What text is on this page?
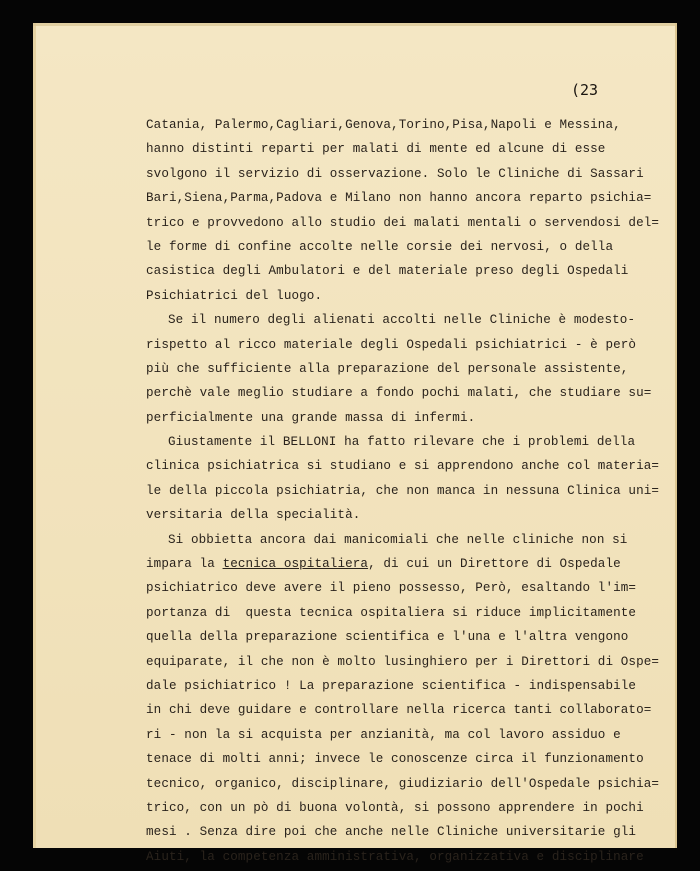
(23
Catania, Palermo,Cagliari,Genova,Torino,Pisa,Napoli e Messina,
hanno distinti reparti per malati di mente ed alcune di esse
svolgono il servizio di osservazione. Solo le Cliniche di Sassari
Bari,Siena,Parma,Padova e Milano non hanno ancora reparto psichia=
trico e provvedono allo studio dei malati mentali o servendosi del=
le forme di confine accolte nelle corsie dei nervosi, o della
casistica degli Ambulatori e del materiale preso degli Ospedali
Psichiatrici del luogo.
Se il numero degli alienati accolti nelle Cliniche è modesto-
rispetto al ricco materiale degli Ospedali psichiatrici - è però
più che sufficiente alla preparazione del personale assistente,
perchè vale meglio studiare a fondo pochi malati, che studiare su=
perficialmente una grande massa di infermi.
Giustamente il BELLONI ha fatto rilevare che i problemi della
clinica psichiatrica si studiano e si apprendono anche col materia=
le della piccola psichiatria, che non manca in nessuna Clinica uni=
versitaria della specialità.
Si obbietta ancora dai manicomiali che nelle cliniche non si
impara la tecnica ospitaliera, di cui un Direttore di Ospedale
psichiatrico deve avere il pieno possesso, Però, esaltando l'im=
portanza di  questa tecnica ospitaliera si riduce implicitamente
quella della preparazione scientifica e l'una e l'altra vengono
equiparate, il che non è molto lusinghiero per i Direttori di Ospe=
dale psichiatrico ! La preparazione scientifica - indispensabile
in chi deve guidare e controllare nella ricerca tanti collaborato=
ri - non la si acquista per anzianità, ma col lavoro assiduo e
tenace di molti anni; invece le conoscenze circa il funzionamento
tecnico, organico, disciplinare, giudiziario dell'Ospedale psichia=
trico, con un pò di buona volontà, si possono apprendere in pochi
mesi . Senza dire poi che anche nelle Cliniche universitarie gli
Aiuti, la competenza amministrativa, organizzativa e disciplinare
